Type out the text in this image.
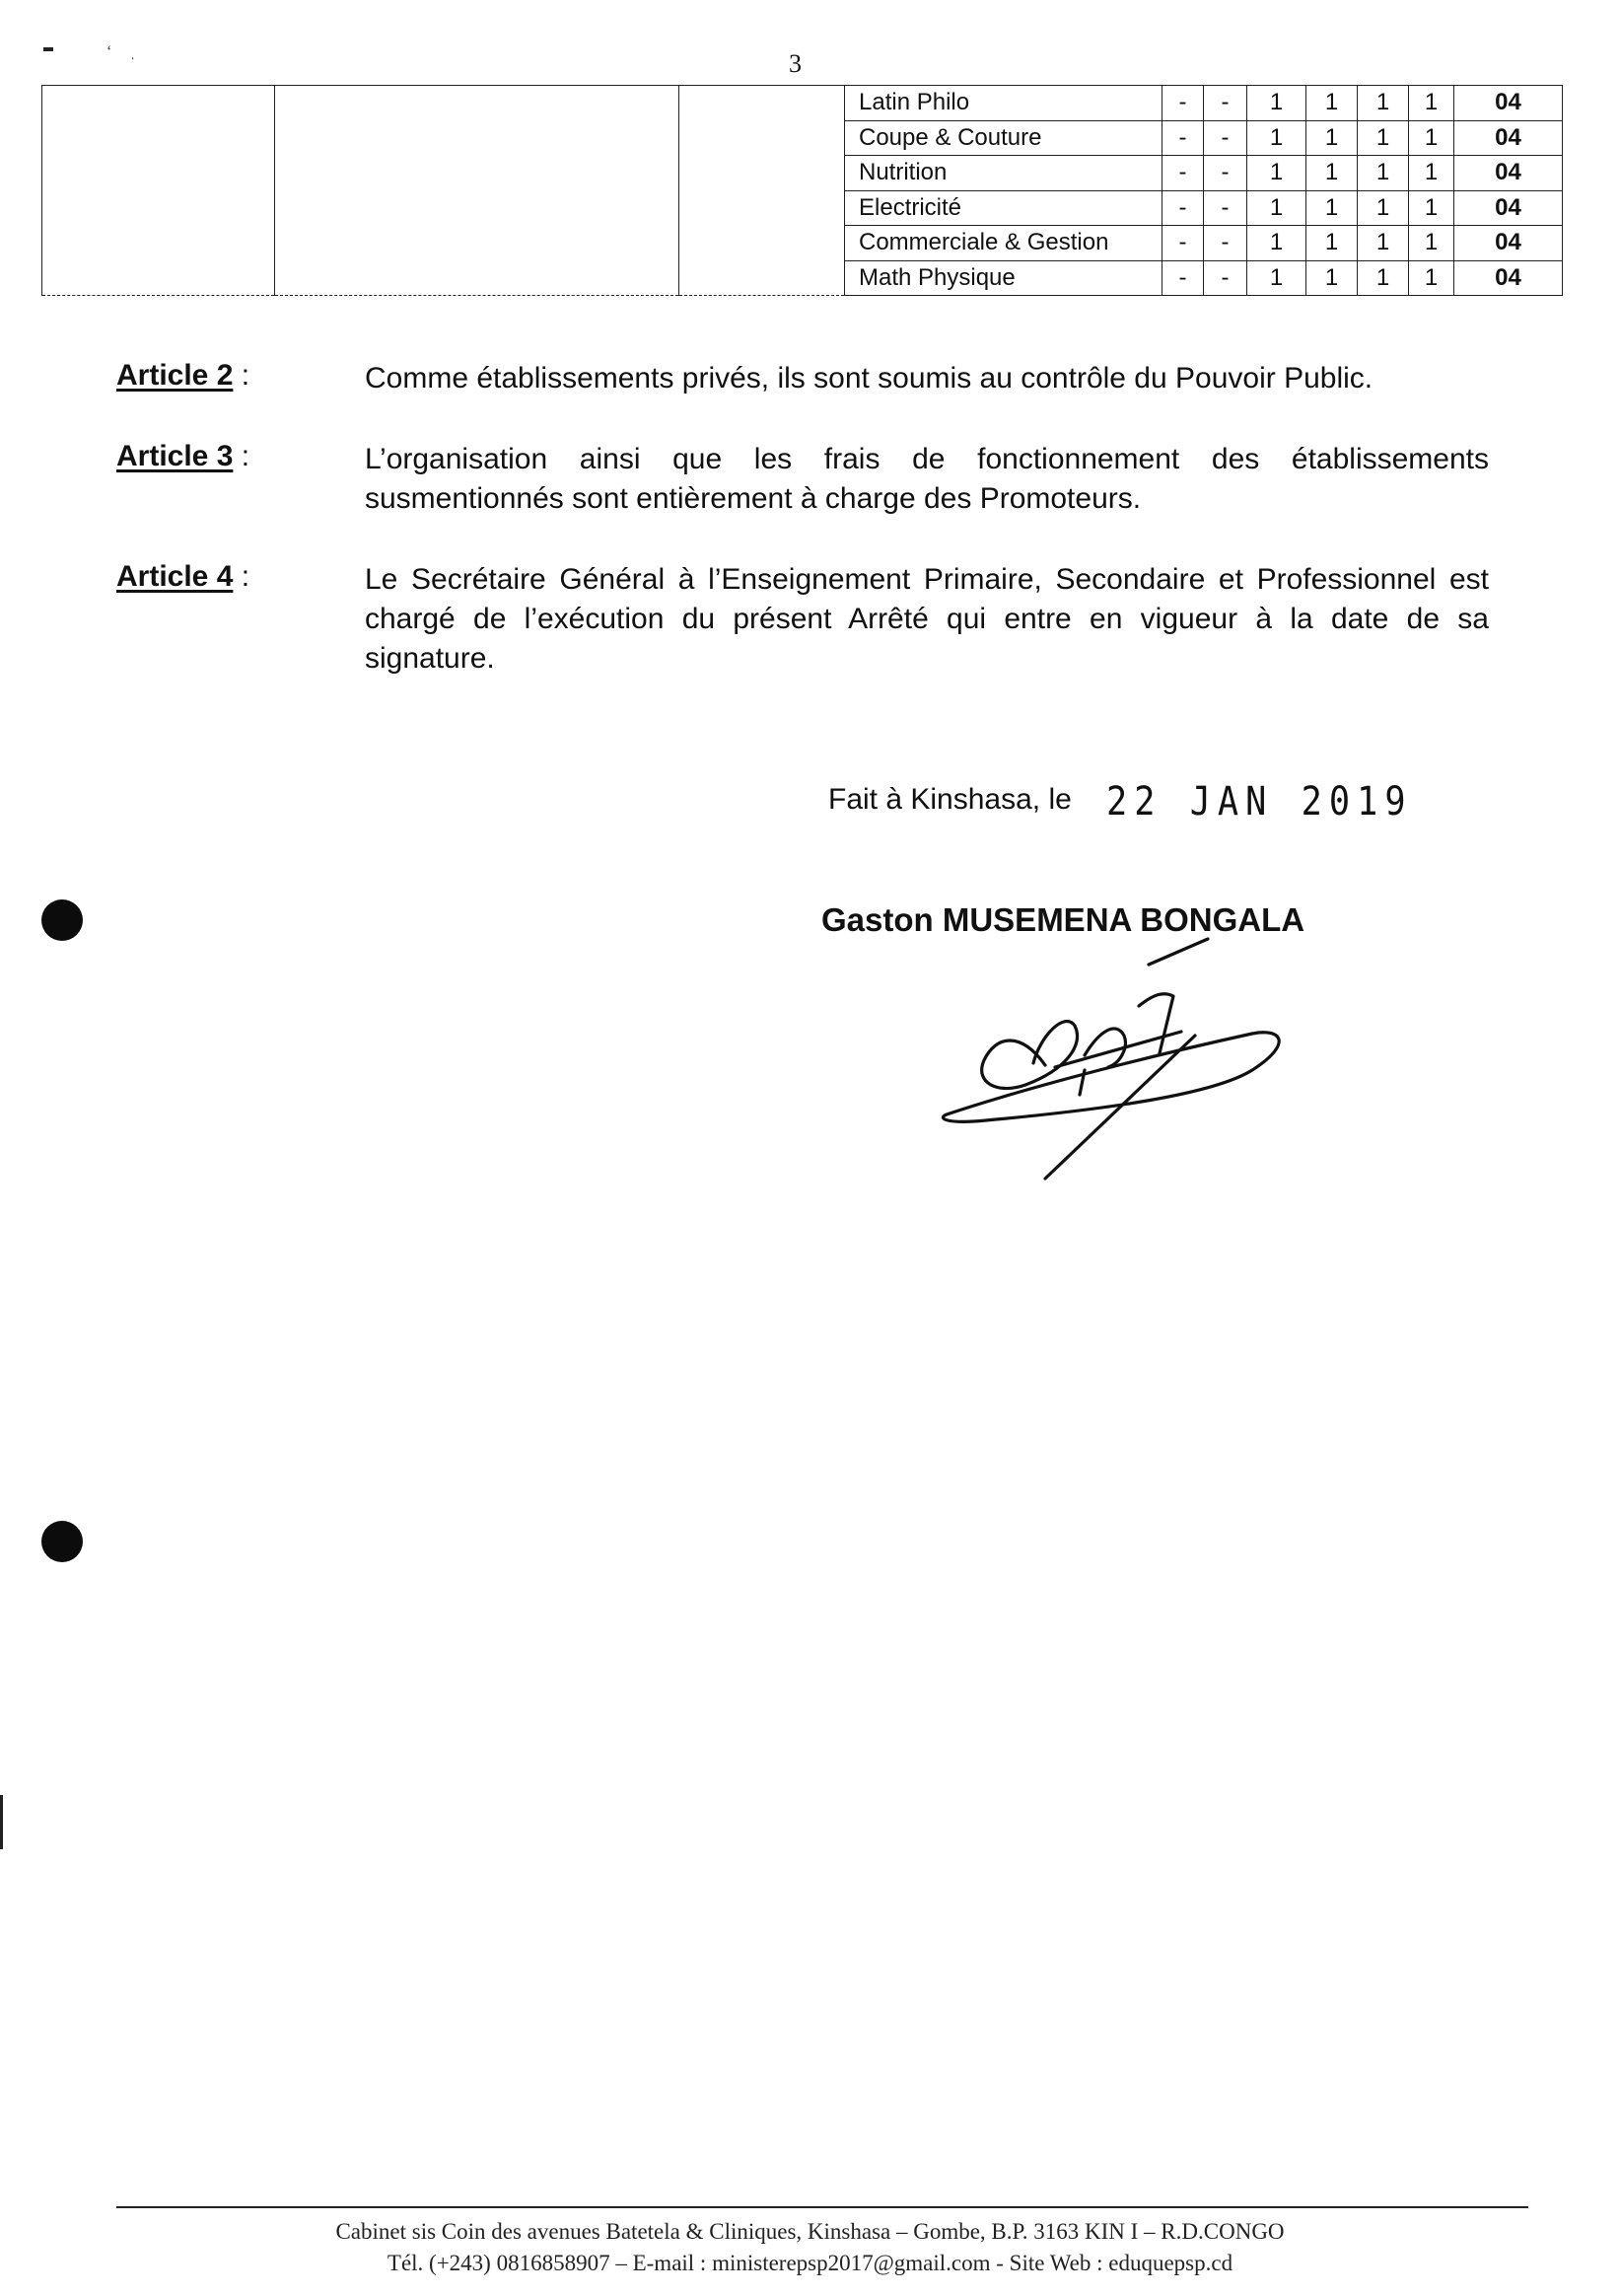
ʻ ˌ	3
			Latin Philo	-	-	1	1	1	1	04
			Coupe & Couture	-	-	1	1	1	1	04
			Nutrition	-	-	1	1	1	1	04
			Electricité	-	-	1	1	1	1	04
			Commerciale & Gestion	-	-	1	1	1	1	04
			Math Physique	-	-	1	1	1	1	04
Article 2 :	Comme établissements privés, ils sont soumis au contrôle du Pouvoir Public.
Article 3 :	L’organisation ainsi que les frais de fonctionnement des établissements susmentionnés sont entièrement à charge des Promoteurs.
Article 4 :	Le Secrétaire Général à l’Enseignement Primaire, Secondaire et Professionnel est chargé de l’exécution du présent Arrêté qui entre en vigueur à la date de sa signature.
Fait à Kinshasa, le 22 JAN 2019
Gaston MUSEMENA BONGALA
Cabinet sis Coin des avenues Batetela & Cliniques, Kinshasa – Gombe, B.P. 3163 KIN I – R.D.CONGO
Tél. (+243) 0816858907 – E-mail : ministerepsp2017@gmail.com - Site Web : eduquepsp.cd
